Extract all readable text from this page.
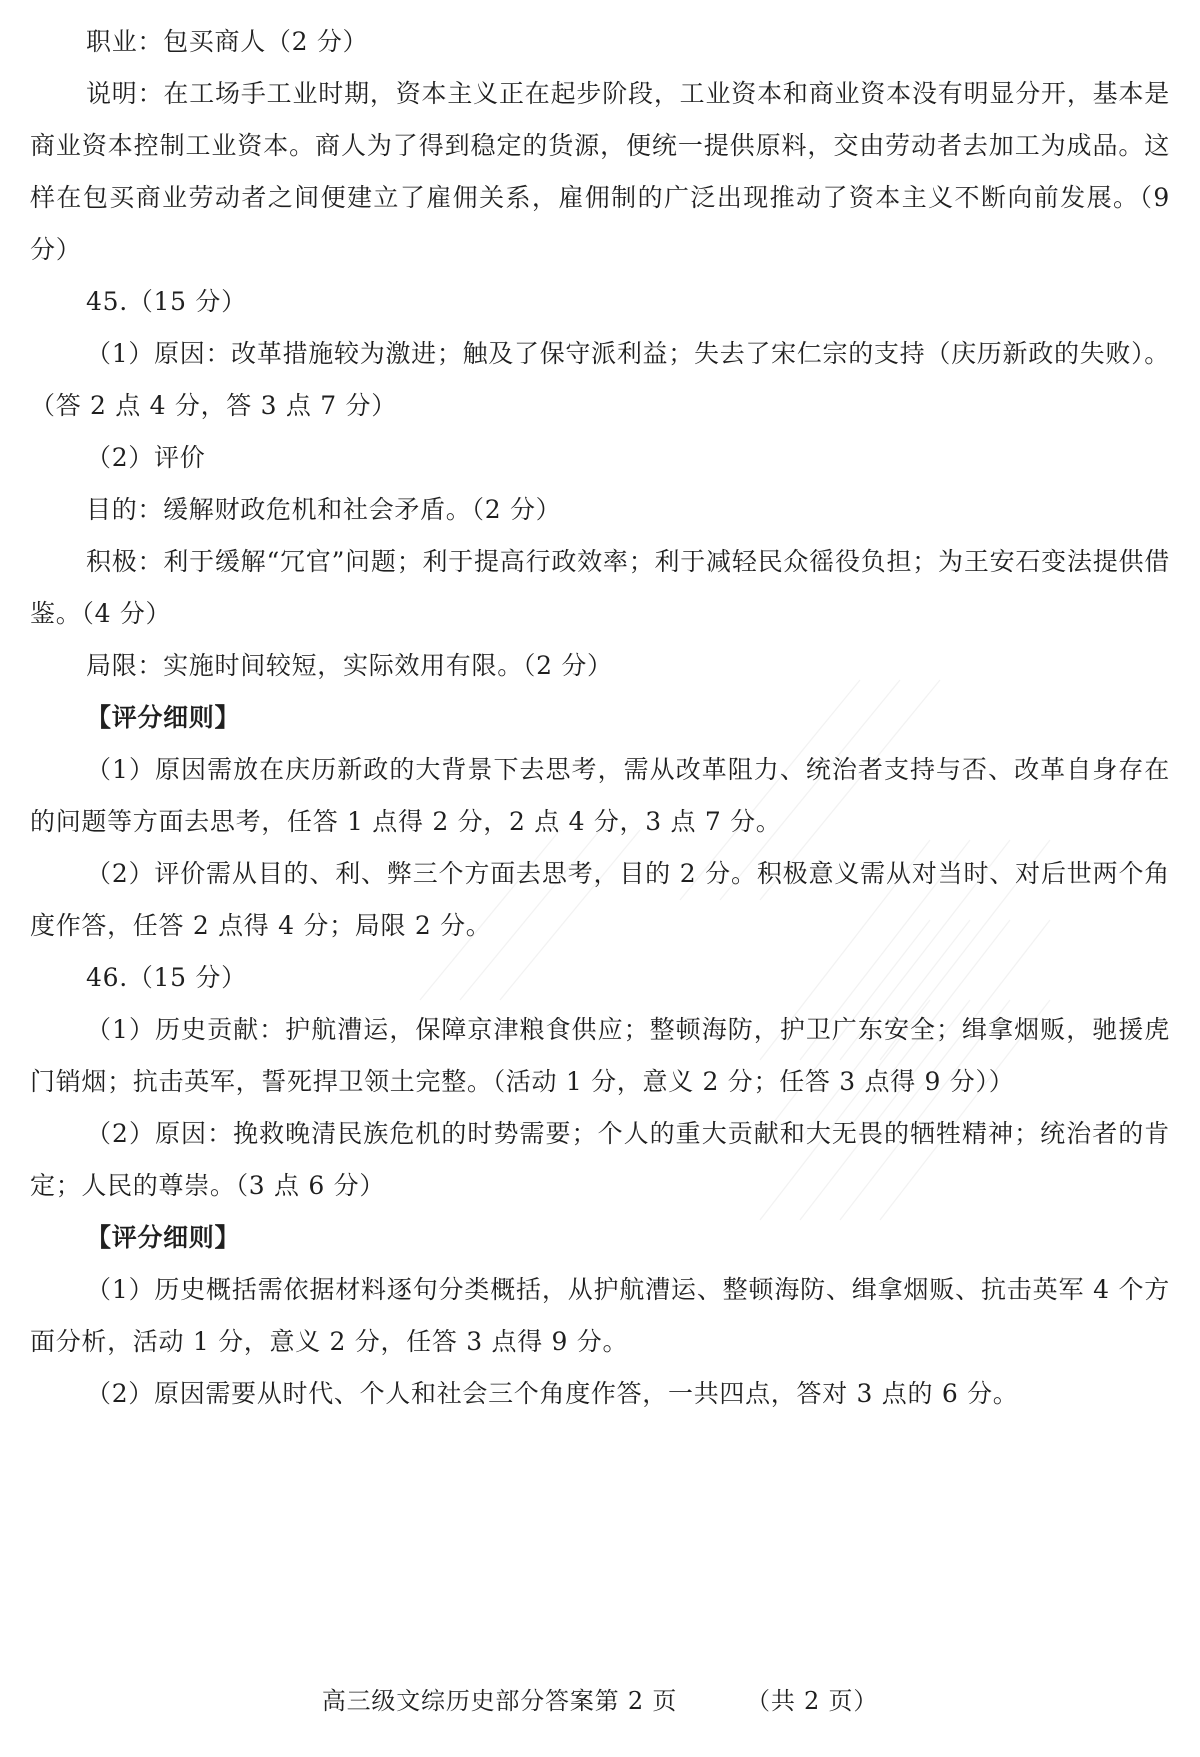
职业：包买商人（2 分）

说明：在工场手工业时期，资本主义正在起步阶段，工业资本和商业资本没有明显分开，基本是商业资本控制工业资本。商人为了得到稳定的货源，便统一提供原料，交由劳动者去加工为成品。这样在包买商业劳动者之间便建立了雇佣关系，雇佣制的广泛出现推动了资本主义不断向前发展。（9 分）

45.（15 分）

（1）原因：改革措施较为激进；触及了保守派利益；失去了宋仁宗的支持（庆历新政的失败）。（答 2 点 4 分，答 3 点 7 分）

（2）评价

目的：缓解财政危机和社会矛盾。（2 分）

积极：利于缓解“冗官”问题；利于提高行政效率；利于减轻民众徭役负担；为王安石变法提供借鉴。（4 分）

局限：实施时间较短，实际效用有限。（2 分）

【评分细则】

（1）原因需放在庆历新政的大背景下去思考，需从改革阻力、统治者支持与否、改革自身存在的问题等方面去思考，任答 1 点得 2 分，2 点 4 分，3 点 7 分。

（2）评价需从目的、利、弊三个方面去思考，目的 2 分。积极意义需从对当时、对后世两个角度作答，任答 2 点得 4 分；局限 2 分。

46.（15 分）

（1）历史贡献：护航漕运，保障京津粮食供应；整顿海防，护卫广东安全；缉拿烟贩，驰援虎门销烟；抗击英军，誓死捍卫领土完整。（活动 1 分，意义 2 分；任答 3 点得 9 分））

（2）原因：挽救晚清民族危机的时势需要；个人的重大贡献和大无畏的牺牲精神；统治者的肯定；人民的尊崇。（3 点 6 分）

【评分细则】

（1）历史概括需依据材料逐句分类概括，从护航漕运、整顿海防、缉拿烟贩、抗击英军 4 个方面分析，活动 1 分，意义 2 分，任答 3 点得 9 分。

（2）原因需要从时代、个人和社会三个角度作答，一共四点，答对 3 点的 6 分。

高三级文综历史部分答案第 2 页	（共 2 页）
